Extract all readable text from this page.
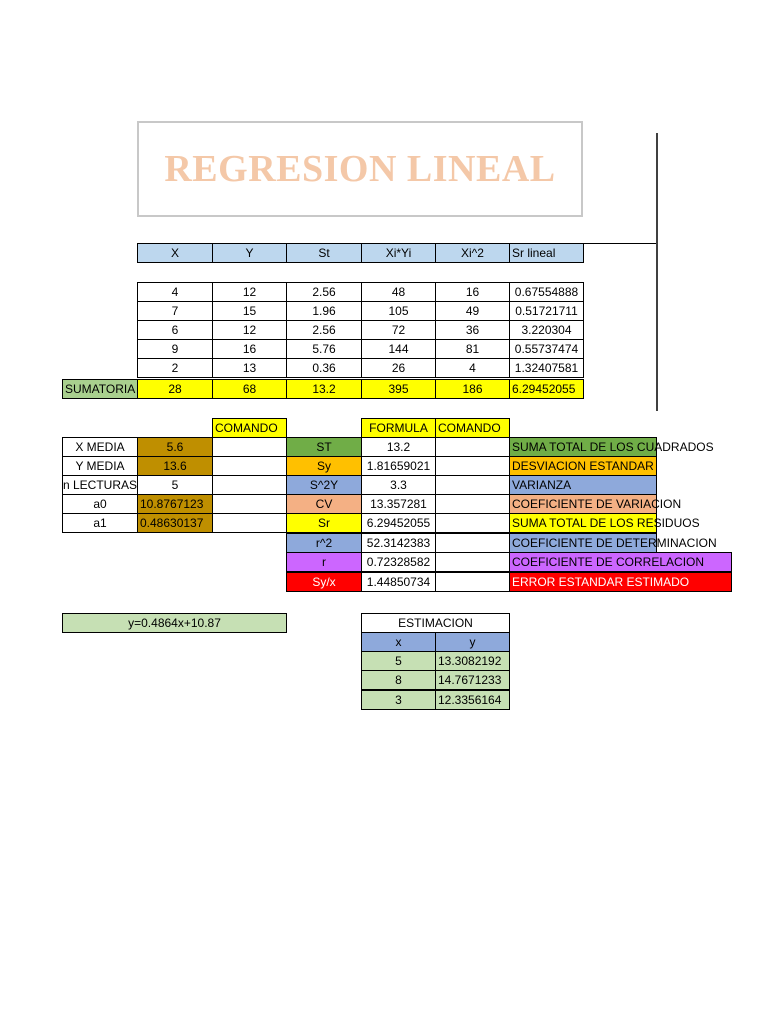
REGRESION LINEAL
X	Y	St	Xi*Yi	Xi^2	Sr lineal
4	12	2.56	48	16	0.67554888
7	15	1.96	105	49	0.51721711
6	12	2.56	72	36	3.220304
9	16	5.76	144	81	0.55737474
2	13	0.36	26	4	1.32407581
SUMATORIA	28	68	13.2	395	186	6.29452055
COMANDO
X MEDIA	5.6
Y MEDIA	13.6
n LECTURAS	5
a0	10.8767123
a1	0.48630137
FORMULA COMANDO
ST	13.2	SUMA TOTAL DE LOS CUADRADOS
Sy	1.81659021	DESVIACION ESTANDAR
S^2Y	3.3	VARIANZA
CV	13.357281	COEFICIENTE DE VARIACION
Sr	6.29452055	SUMA TOTAL DE LOS RESIDUOS
r^2	52.3142383	COEFICIENTE DE DETERMINACION
r	0.72328582	COEFICIENTE DE CORRELACION
Sy/x	1.44850734	ERROR ESTANDAR ESTIMADO
y=0.4864x+10.87	ESTIMACION
x	y
5	13.3082192
8	14.7671233
3	12.3356164
